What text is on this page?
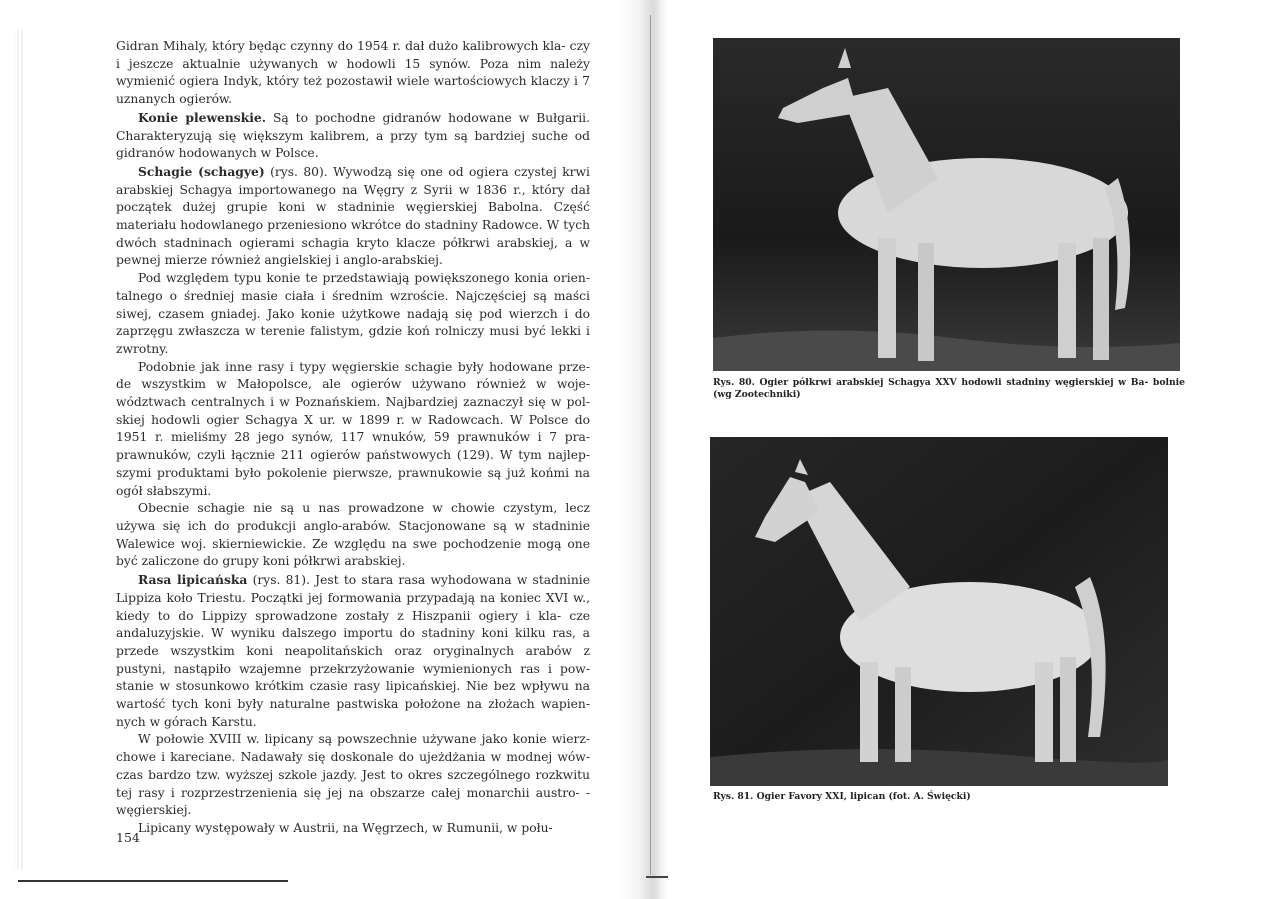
Gidran Mihaly, który będąc czynny do 1954 r. dał dużo kalibrowych kla- czy i jeszcze aktualnie używanych w hodowli 15 synów. Poza nim należy wymienić ogiera Indyk, który też pozostawił wiele wartościowych klaczy i 7 uznanych ogierów.

Konie plewenskie. Są to pochodne gidranów hodowane w Bułgarii. Charakteryzują się większym kalibrem, a przy tym są bardziej suche od gidranów hodowanych w Polsce.

Schagie (schagye) (rys. 80). Wywodzą się one od ogiera czystej krwi arabskiej Schagya importowanego na Węgry z Syrii w 1836 r., który dał początek dużej grupie koni w stadninie węgierskiej Babolna. Część materiału hodowlanego przeniesiono wkrótce do stadniny Radowce. W tych dwóch stadninach ogierami schagia kryto klacze półkrwi arabskiej, a w pewnej mierze również angielskiej i anglo-arabskiej.

Pod względem typu konie te przedstawiają powiększonego konia orien- talnego o średniej masie ciała i średnim wzroście. Najczęściej są maści siwej, czasem gniadej. Jako konie użytkowe nadają się pod wierzch i do zaprzęgu zwłaszcza w terenie falistym, gdzie koń rolniczy musi być lekki i zwrotny.

Podobnie jak inne rasy i typy węgierskie schagie były hodowane prze- de wszystkim w Małopolsce, ale ogierów używano również w woje- wództwach centralnych i w Poznańskiem. Najbardziej zaznaczył się w pol- skiej hodowli ogier Schagya X ur. w 1899 r. w Radowcach. W Polsce do 1951 r. mieliśmy 28 jego synów, 117 wnuków, 59 prawnuków i 7 pra- prawnuków, czyli łącznie 211 ogierów państwowych (129). W tym najlep- szymi produktami było pokolenie pierwsze, prawnukowie są już końmi na ogół słabszymi.

Obecnie schagie nie są u nas prowadzone w chowie czystym, lecz używa się ich do produkcji anglo-arabów. Stacjonowane są w stadninie Walewice woj. skierniewickie. Ze względu na swe pochodzenie mogą one być zaliczone do grupy koni półkrwi arabskiej.

Rasa lipicańska (rys. 81). Jest to stara rasa wyhodowana w stadninie Lippiza koło Triestu. Początki jej formowania przypadają na koniec XVI w., kiedy to do Lippizy sprowadzone zostały z Hiszpanii ogiery i kla- cze andaluzyjskie. W wyniku dalszego importu do stadniny koni kilku ras, a przede wszystkim koni neapolitańskich oraz oryginalnych arabów z pustyni, nastąpiło wzajemne przekrzyżowanie wymienionych ras i pow- stanie w stosunkowo krótkim czasie rasy lipicańskiej. Nie bez wpływu na wartość tych koni były naturalne pastwiska położone na złożach wapien- nych w górach Karstu.

W połowie XVIII w. lipicany są powszechnie używane jako konie wierz- chowe i kareciane. Nadawały się doskonale do ujeżdżania w modnej wów- czas bardzo tzw. wyższej szkole jazdy. Jest to okres szczególnego rozkwitu tej rasy i rozprzestrzenienia się jej na obszarze całej monarchii austro- -węgierskiej.

Lipicany występowały w Austrii, na Węgrzech, w Rumunii, w połu-

154
Rys. 80. Ogier półkrwi arabskiej Schagya XXV hodowli stadniny węgierskiej w Ba- bolnie (wg Zootechniki)
Rys. 81. Ogier Favory XXI, lipican (fot. A. Święcki)
